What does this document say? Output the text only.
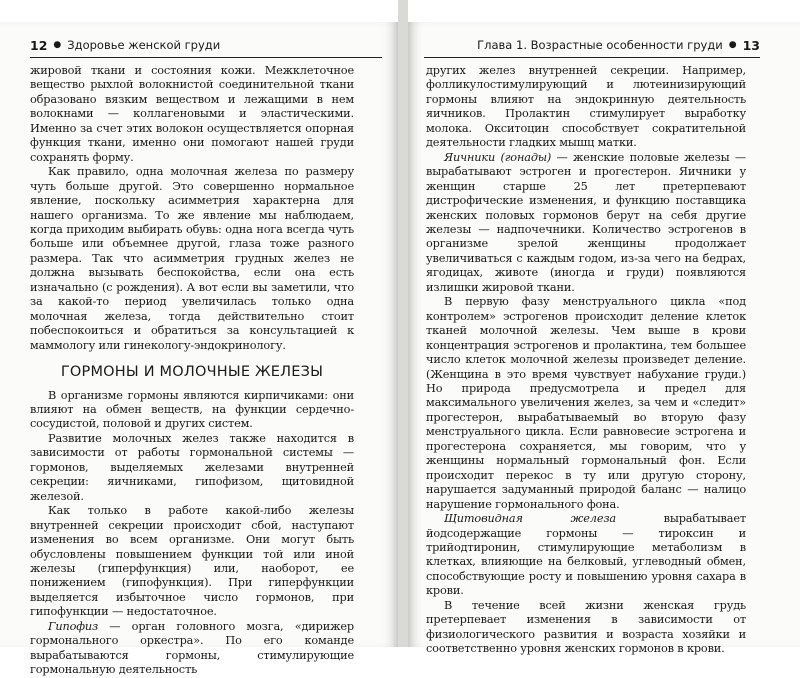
12 ● Здоровье женской груди

жировой ткани и состояния кожи. Межклеточное вещество рыхлой волокнистой соединительной ткани образовано вязким веществом и лежащими в нем волокнами — коллагеновыми и эластическими. Именно за счет этих волокон осуществляется опорная функция ткани, именно они помогают нашей груди сохранять форму.

Как правило, одна молочная железа по размеру чуть больше другой. Это совершенно нормальное явление, поскольку асимметрия характерна для нашего организма. То же явление мы наблюдаем, когда приходим выбирать обувь: одна нога всегда чуть больше или объемнее другой, глаза тоже разного размера. Так что асимметрия грудных желез не должна вызывать беспокойства, если она есть изначально (с рождения). А вот если вы заметили, что за какой-то период увеличилась только одна молочная железа, тогда действительно стоит побеспокоиться и обратиться за консультацией к маммологу или гинекологу-эндокринологу.

ГОРМОНЫ И МОЛОЧНЫЕ ЖЕЛЕЗЫ

В организме гормоны являются кирпичиками: они влияют на обмен веществ, на функции сердечно-сосудистой, половой и других систем.

Развитие молочных желез также находится в зависимости от работы гормональной системы — гормонов, выделяемых железами внутренней секреции: яичниками, гипофизом, щитовидной железой.

Как только в работе какой-либо железы внутренней секреции происходит сбой, наступают изменения во всем организме. Они могут быть обусловлены повышением функции той или иной железы (гиперфункция) или, наоборот, ее понижением (гипофункция). При гиперфункции выделяется избыточное число гормонов, при гипофункции — недостаточное.

Гипофиз — орган головного мозга, «дирижер гормонального оркестра». По его команде вырабатываются гормоны, стимулирующие гормональную деятельность

Глава 1. Возрастные особенности груди ● 13

других желез внутренней секреции. Например, фолликулостимулирующий и лютеинизирующий гормоны влияют на эндокринную деятельность яичников. Пролактин стимулирует выработку молока. Окситоцин способствует сократительной деятельности гладких мышц матки.

Яичники (гонады) — женские половые железы — вырабатывают эстроген и прогестерон. Яичники у женщин старше 25 лет претерпевают дистрофические изменения, и функцию поставщика женских половых гормонов берут на себя другие железы — надпочечники. Количество эстрогенов в организме зрелой женщины продолжает увеличиваться с каждым годом, из-за чего на бедрах, ягодицах, животе (иногда и груди) появляются излишки жировой ткани.

В первую фазу менструального цикла «под контролем» эстрогенов происходит деление клеток тканей молочной железы. Чем выше в крови концентрация эстрогенов и пролактина, тем большее число клеток молочной железы произведет деление. (Женщина в это время чувствует набухание груди.) Но природа предусмотрела и предел для максимального увеличения желез, за чем и «следит» прогестерон, вырабатываемый во вторую фазу менструального цикла. Если равновесие эстрогена и прогестерона сохраняется, мы говорим, что у женщины нормальный гормональный фон. Если происходит перекос в ту или другую сторону, нарушается задуманный природой баланс — налицо нарушение гормонального фона.

Щитовидная железа вырабатывает йодсодержащие гормоны — тироксин и трийодтиронин, стимулирующие метаболизм в клетках, влияющие на белковый, углеводный обмен, способствующие росту и повышению уровня сахара в крови.

В течение всей жизни женская грудь претерпевает изменения в зависимости от физиологического развития и возраста хозяйки и соответственно уровня женских гормонов в крови.
